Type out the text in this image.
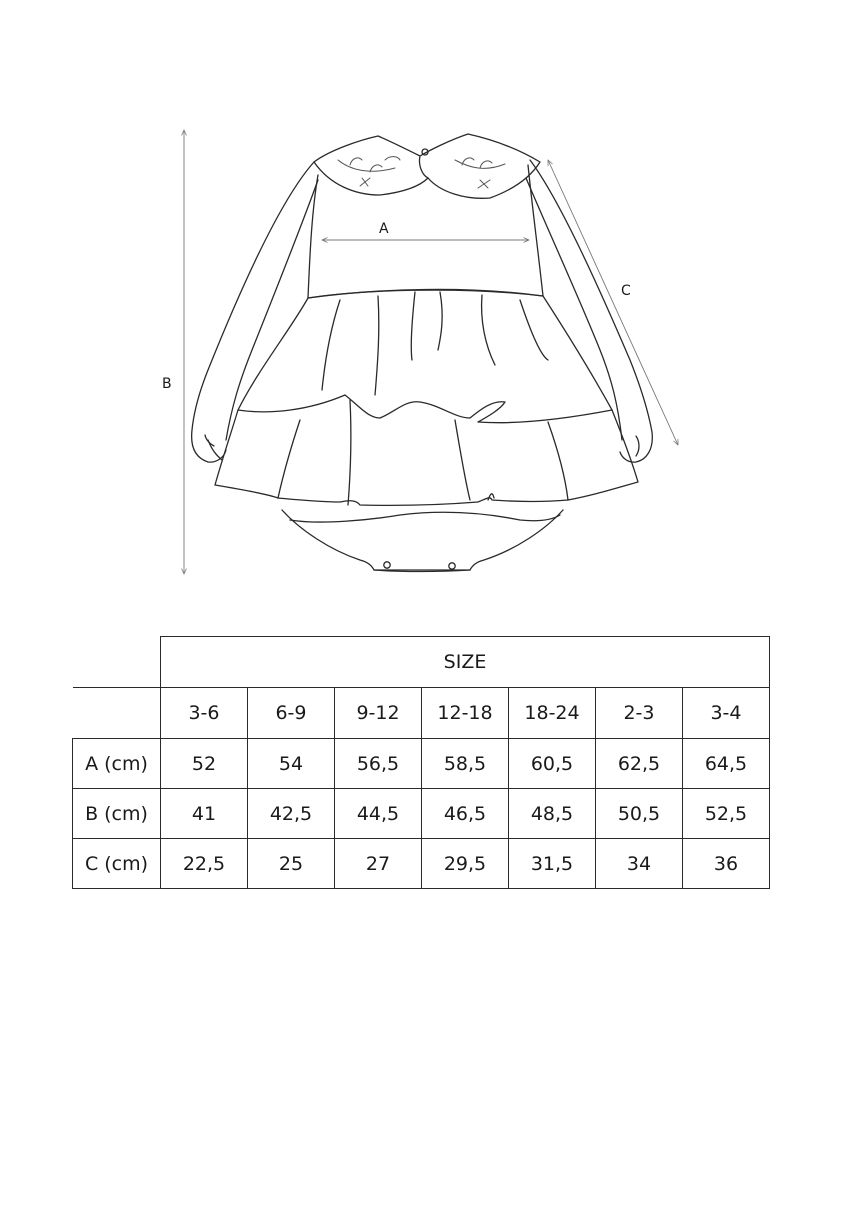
A
B
C
	SIZE						
	3-6	6-9	9-12	12-18	18-24	2-3	3-4
A (cm)	52	54	56,5	58,5	60,5	62,5	64,5
B (cm)	41	42,5	44,5	46,5	48,5	50,5	52,5
C (cm)	22,5	25	27	29,5	31,5	34	36
